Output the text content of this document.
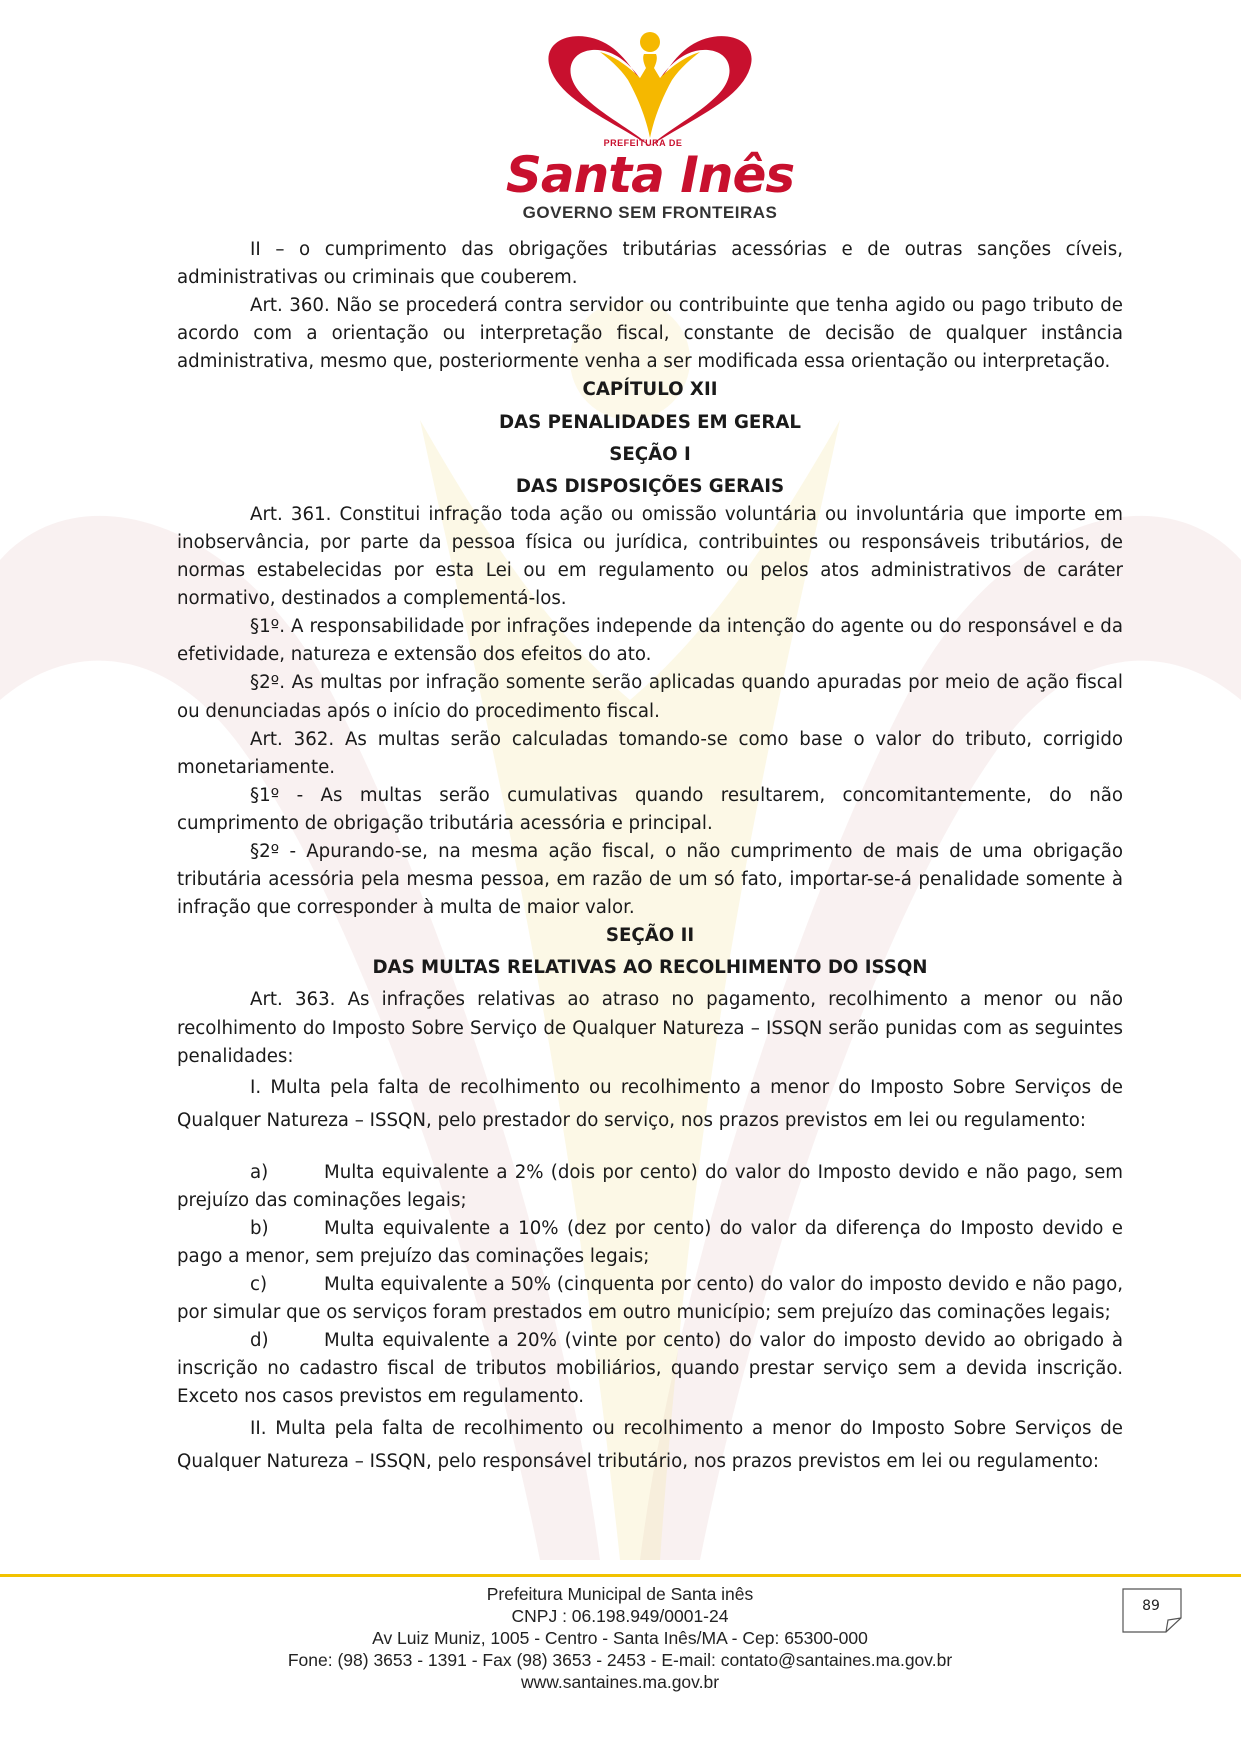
PREFEITURA DE
Santa Inês
GOVERNO SEM FRONTEIRAS

II – o cumprimento das obrigações tributárias acessórias e de outras sanções cíveis, administrativas ou criminais que couberem.

Art. 360. Não se procederá contra servidor ou contribuinte que tenha agido ou pago tributo de acordo com a orientação ou interpretação fiscal, constante de decisão de qualquer instância administrativa, mesmo que, posteriormente venha a ser modificada essa orientação ou interpretação.

CAPÍTULO XII

DAS PENALIDADES EM GERAL

SEÇÃO I

DAS DISPOSIÇÕES GERAIS

Art. 361. Constitui infração toda ação ou omissão voluntária ou involuntária que importe em inobservância, por parte da pessoa física ou jurídica, contribuintes ou responsáveis tributários, de normas estabelecidas por esta Lei ou em regulamento ou pelos atos administrativos de caráter normativo, destinados a complementá-los.

§1º. A responsabilidade por infrações independe da intenção do agente ou do responsável e da efetividade, natureza e extensão dos efeitos do ato.

§2º. As multas por infração somente serão aplicadas quando apuradas por meio de ação fiscal ou denunciadas após o início do procedimento fiscal.

Art. 362. As multas serão calculadas tomando-se como base o valor do tributo, corrigido monetariamente.

§1º - As multas serão cumulativas quando resultarem, concomitantemente, do não cumprimento de obrigação tributária acessória e principal.

§2º - Apurando-se, na mesma ação fiscal, o não cumprimento de mais de uma obrigação tributária acessória pela mesma pessoa, em razão de um só fato, importar-se-á penalidade somente à infração que corresponder à multa de maior valor.

SEÇÃO II

DAS MULTAS RELATIVAS AO RECOLHIMENTO DO ISSQN

Art. 363. As infrações relativas ao atraso no pagamento, recolhimento a menor ou não recolhimento do Imposto Sobre Serviço de Qualquer Natureza – ISSQN serão punidas com as seguintes penalidades:

I. Multa pela falta de recolhimento ou recolhimento a menor do Imposto Sobre Serviços de Qualquer Natureza – ISSQN, pelo prestador do serviço, nos prazos previstos em lei ou regulamento:

a)	Multa equivalente a 2% (dois por cento) do valor do Imposto devido e não pago, sem prejuízo das cominações legais;

b)	Multa equivalente a 10% (dez por cento) do valor da diferença do Imposto devido e pago a menor, sem prejuízo das cominações legais;

c)	Multa equivalente a 50% (cinquenta por cento) do valor do imposto devido e não pago, por simular que os serviços foram prestados em outro município; sem prejuízo das cominações legais;

d)	Multa equivalente a 20% (vinte por cento) do valor do imposto devido ao obrigado à inscrição no cadastro fiscal de tributos mobiliários, quando prestar serviço sem a devida inscrição. Exceto nos casos previstos em regulamento.

II. Multa pela falta de recolhimento ou recolhimento a menor do Imposto Sobre Serviços de Qualquer Natureza – ISSQN, pelo responsável tributário, nos prazos previstos em lei ou regulamento:

Prefeitura Municipal de Santa inês
CNPJ : 06.198.949/0001-24
Av Luiz Muniz, 1005 - Centro - Santa Inês/MA - Cep: 65300-000
Fone: (98) 3653 - 1391 - Fax (98) 3653 - 2453 - E-mail: contato@santaines.ma.gov.br
www.santaines.ma.gov.br
89
